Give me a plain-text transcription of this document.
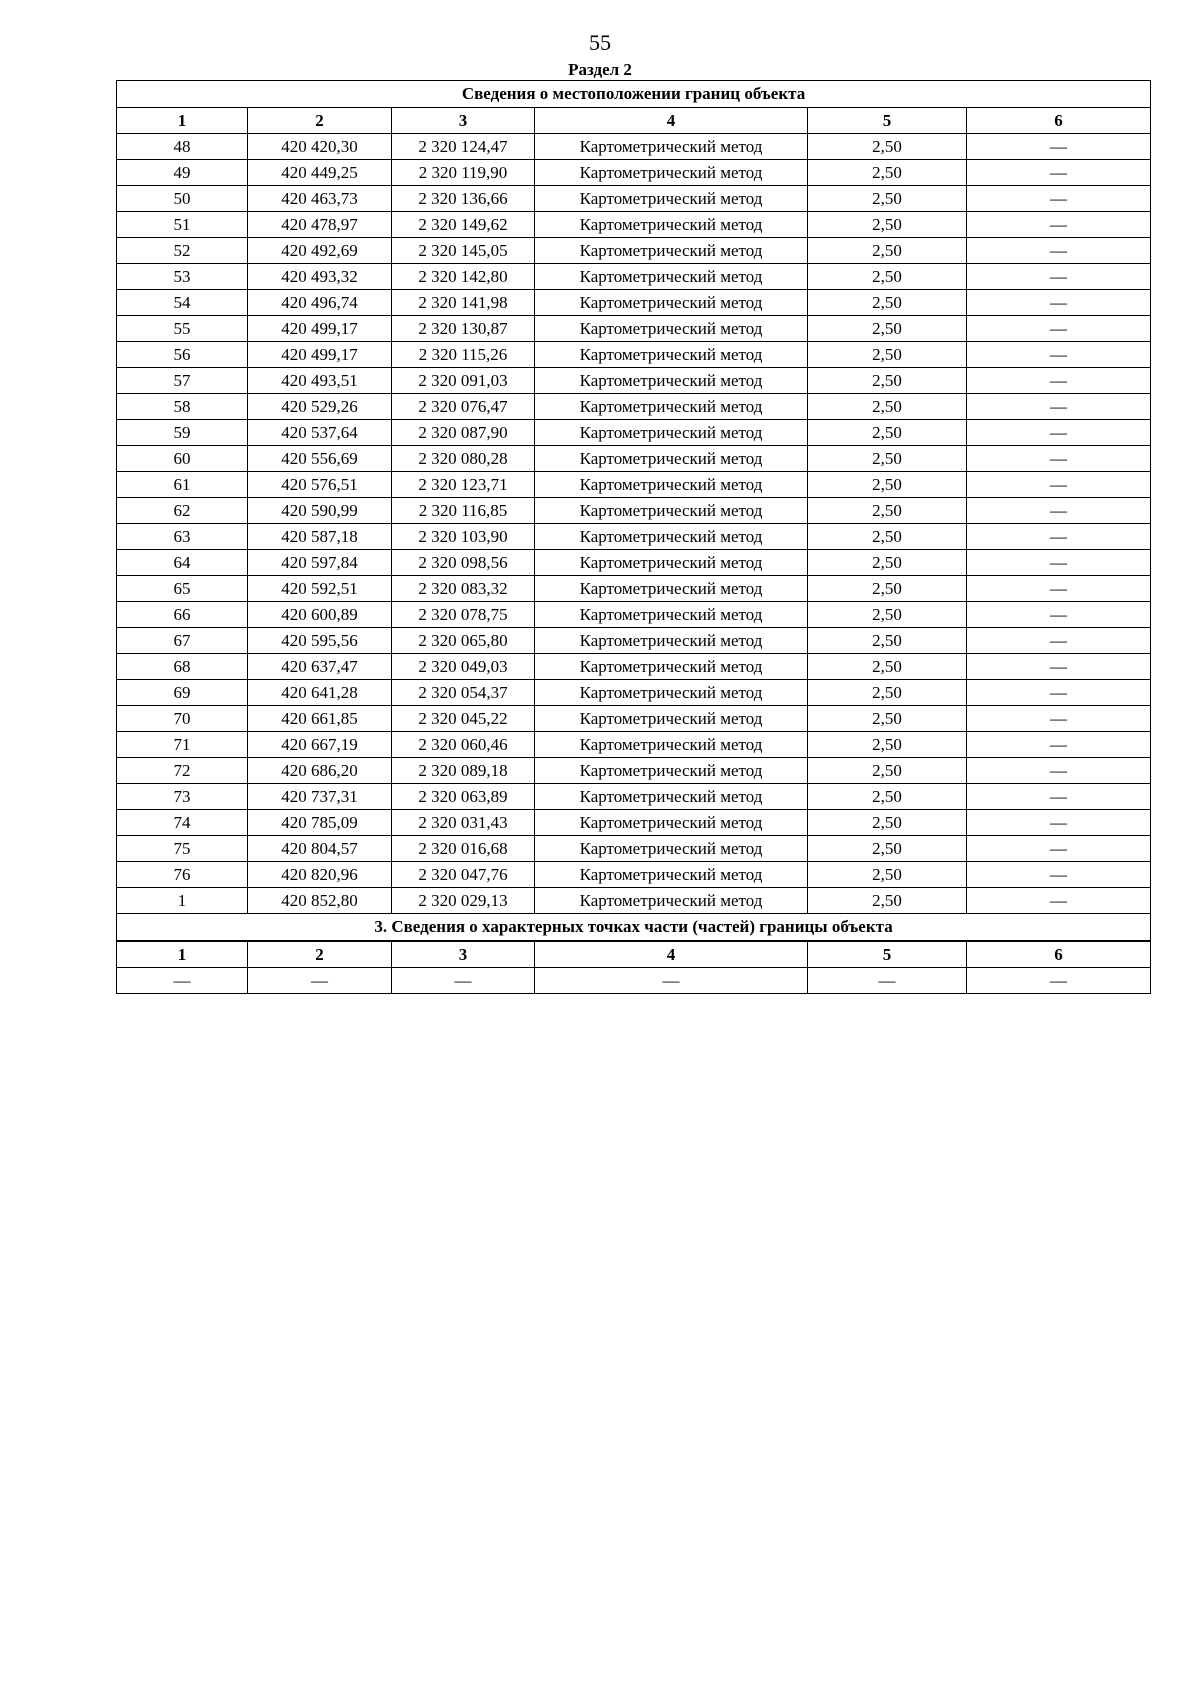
55
Раздел 2
Сведения о местоположении границ объекта					
1	2	3	4	5	6
48	420 420,30	2 320 124,47	Картометрический метод	2,50	—
49	420 449,25	2 320 119,90	Картометрический метод	2,50	—
50	420 463,73	2 320 136,66	Картометрический метод	2,50	—
51	420 478,97	2 320 149,62	Картометрический метод	2,50	—
52	420 492,69	2 320 145,05	Картометрический метод	2,50	—
53	420 493,32	2 320 142,80	Картометрический метод	2,50	—
54	420 496,74	2 320 141,98	Картометрический метод	2,50	—
55	420 499,17	2 320 130,87	Картометрический метод	2,50	—
56	420 499,17	2 320 115,26	Картометрический метод	2,50	—
57	420 493,51	2 320 091,03	Картометрический метод	2,50	—
58	420 529,26	2 320 076,47	Картометрический метод	2,50	—
59	420 537,64	2 320 087,90	Картометрический метод	2,50	—
60	420 556,69	2 320 080,28	Картометрический метод	2,50	—
61	420 576,51	2 320 123,71	Картометрический метод	2,50	—
62	420 590,99	2 320 116,85	Картометрический метод	2,50	—
63	420 587,18	2 320 103,90	Картометрический метод	2,50	—
64	420 597,84	2 320 098,56	Картометрический метод	2,50	—
65	420 592,51	2 320 083,32	Картометрический метод	2,50	—
66	420 600,89	2 320 078,75	Картометрический метод	2,50	—
67	420 595,56	2 320 065,80	Картометрический метод	2,50	—
68	420 637,47	2 320 049,03	Картометрический метод	2,50	—
69	420 641,28	2 320 054,37	Картометрический метод	2,50	—
70	420 661,85	2 320 045,22	Картометрический метод	2,50	—
71	420 667,19	2 320 060,46	Картометрический метод	2,50	—
72	420 686,20	2 320 089,18	Картометрический метод	2,50	—
73	420 737,31	2 320 063,89	Картометрический метод	2,50	—
74	420 785,09	2 320 031,43	Картометрический метод	2,50	—
75	420 804,57	2 320 016,68	Картометрический метод	2,50	—
76	420 820,96	2 320 047,76	Картометрический метод	2,50	—
1	420 852,80	2 320 029,13	Картометрический метод	2,50	—
3. Сведения о характерных точках части (частей) границы объекта					
1	2	3	4	5	6
—	—	—	—	—	—
